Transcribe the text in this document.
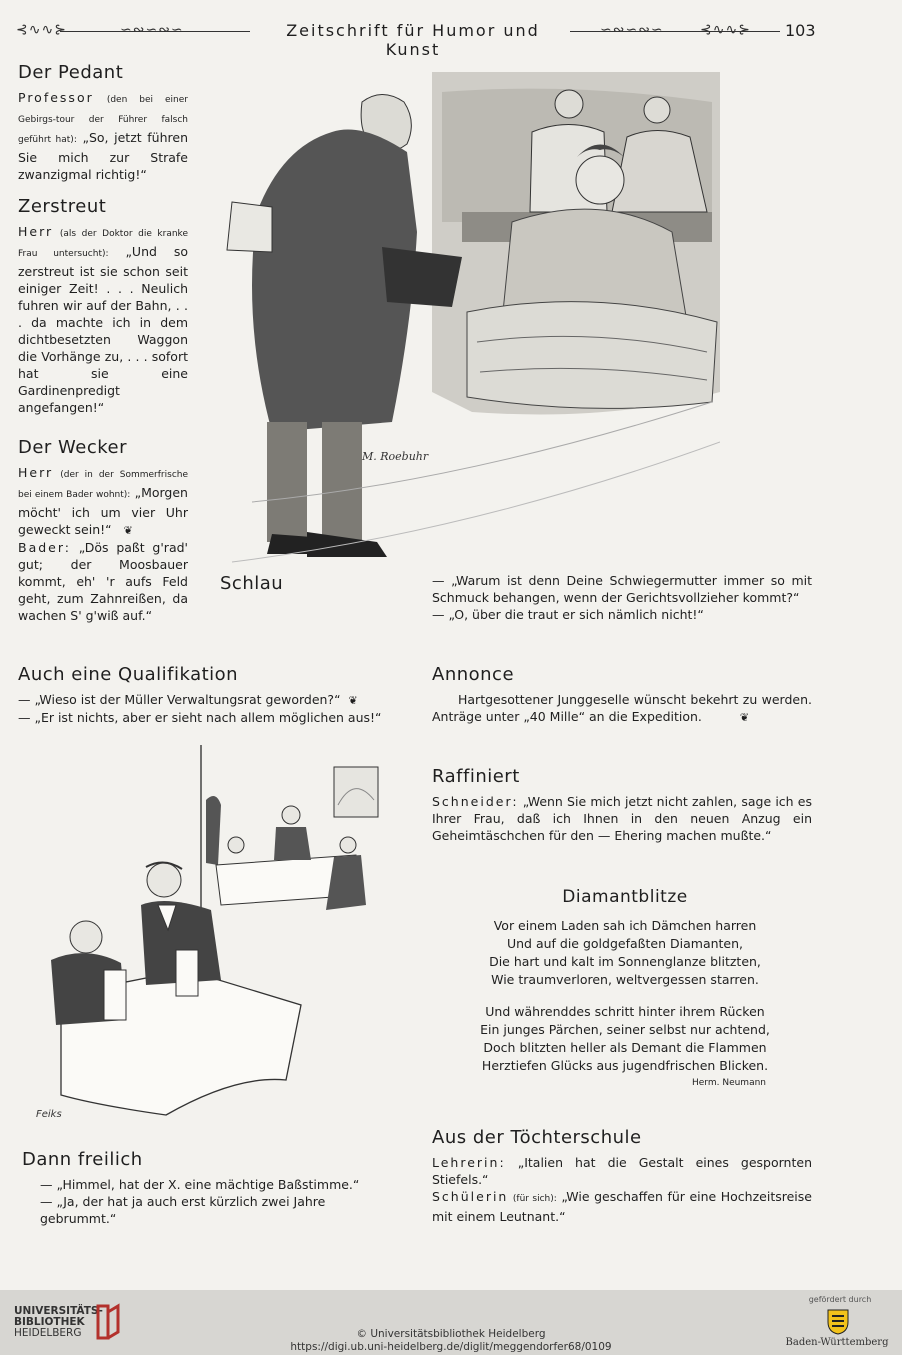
⊰∿∿⊱	∽∾∽∾∽	Zeitschrift für Humor und Kunst
∽∾∽∾∽	⊰∿∿⊱ 103
Der Pedant
Professor (den bei einer Gebirgs-tour der Führer falsch geführt hat): „So, jetzt führen Sie mich zur Strafe zwanzigmal richtig!“
Zerstreut
Herr (als der Doktor die kranke Frau untersucht): „Und so zerstreut ist sie schon seit einiger Zeit! . . . Neulich fuhren wir auf der Bahn, . . . da machte ich in dem dichtbesetzten Waggon die Vorhänge zu, . . . sofort hat sie eine Gardinenpredigt angefangen!“
Der Wecker
Herr (der in der Sommerfrische bei einem Bader wohnt): „Morgen möcht' ich um vier Uhr geweckt sein!“ ❦
Bader: „Dös paßt g'rad' gut; der Moosbauer kommt, eh' 'r aufs Feld geht, zum Zahnreißen, da wachen S' g'wiß auf.“
M. Roebuhr
Schlau	— „Warum ist denn Deine Schwiegermutter immer so mit Schmuck behangen, wenn der Gerichtsvollzieher kommt?“
— „O, über die traut er sich nämlich nicht!“
Auch eine Qualifikation
— „Wieso ist der Müller Verwaltungsrat geworden?“ ❦
— „Er ist nichts, aber er sieht nach allem möglichen aus!“
Annonce
Hartgesottener Junggeselle wünscht bekehrt zu werden. Anträge unter „40 Mille“ an die Expedition.	❦
Raffiniert
Schneider: „Wenn Sie mich jetzt nicht zahlen, sage ich es Ihrer Frau, daß ich Ihnen in den neuen Anzug ein Geheimtäschchen für den — Ehering machen mußte.“
Diamantblitze
Vor einem Laden sah ich Dämchen harren
Und auf die goldgefaßten Diamanten,
Die hart und kalt im Sonnenglanze blitzten,
Wie traumverloren, weltvergessen starren.
Und währenddes schritt hinter ihrem Rücken
Ein junges Pärchen, seiner selbst nur achtend,
Doch blitzten heller als Demant die Flammen
Herztiefen Glücks aus jugendfrischen Blicken.
Herm. Neumann
Feiks
Dann freilich
— „Himmel, hat der X. eine mächtige Baßstimme.“
— „Ja, der hat ja auch erst kürzlich zwei Jahre gebrummt.“
Aus der Töchterschule
Lehrerin: „Italien hat die Gestalt eines gespornten Stiefels.“
Schülerin (für sich): „Wie geschaffen für eine Hochzeitsreise mit einem Leutnant.“
UNIVERSITÄTS-
BIBLIOTHEK
HEIDELBERG	© Universitätsbibliothek Heidelberg
https://digi.ub.uni-heidelberg.de/diglit/meggendorfer68/0109
gefördert durch
Baden-Württemberg
